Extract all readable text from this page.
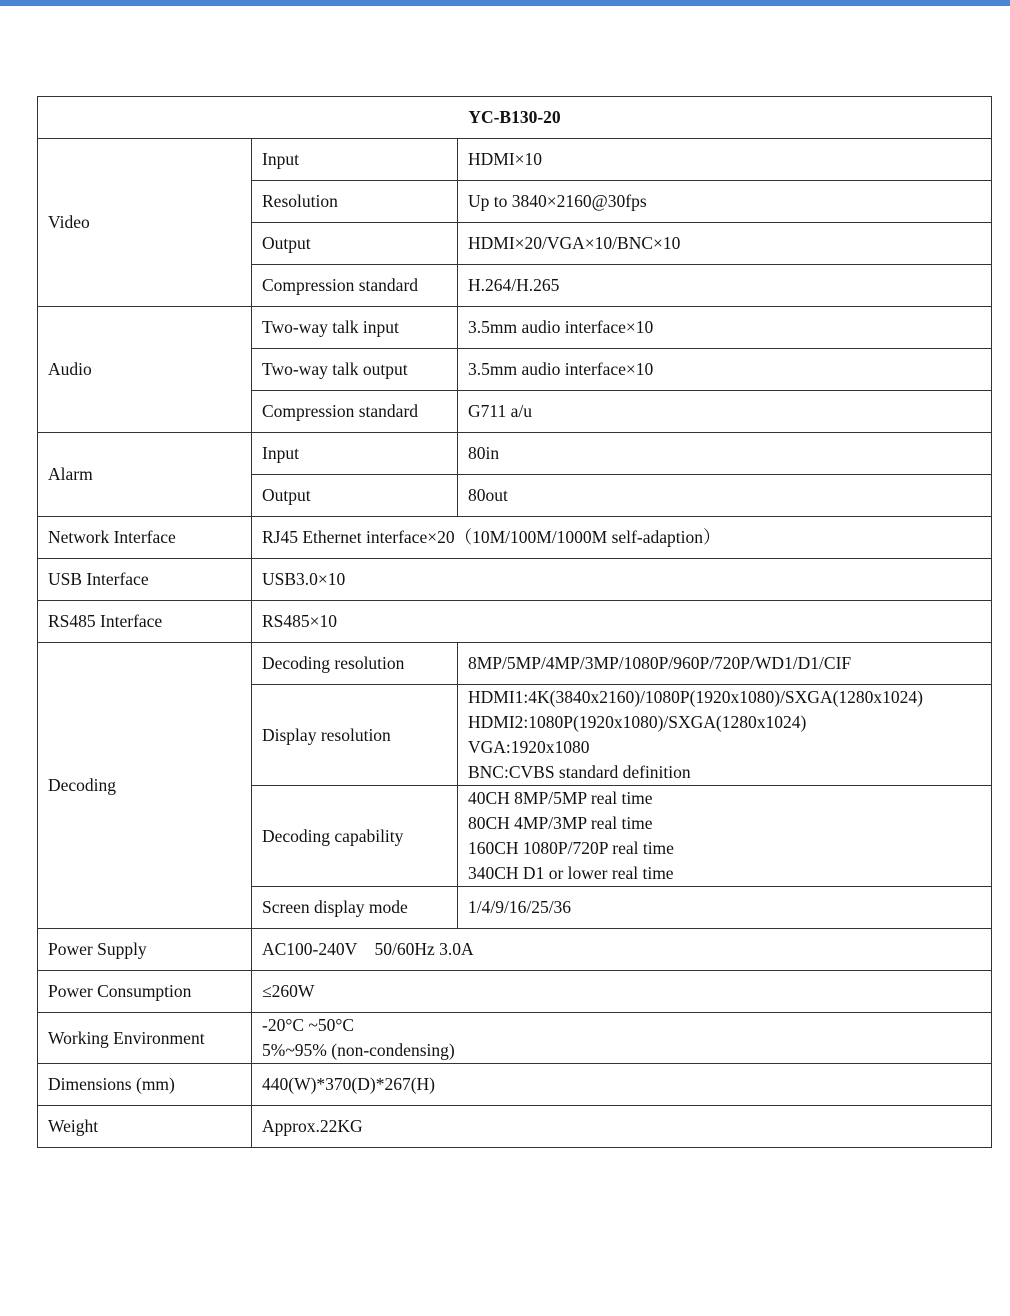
YC-B130-20		
Video	Input	HDMI×10
	Resolution	Up to 3840×2160@30fps
	Output	HDMI×20/VGA×10/BNC×10
	Compression standard	H.264/H.265
Audio	Two-way talk input	3.5mm audio interface×10
	Two-way talk output	3.5mm audio interface×10
	Compression standard	G711 a/u
Alarm	Input	80in
	Output	80out
Network Interface	RJ45 Ethernet interface×20（10M/100M/1000M self-adaption）	
USB Interface	USB3.0×10	
RS485 Interface	RS485×10	
Decoding	Decoding resolution	8MP/5MP/4MP/3MP/1080P/960P/720P/WD1/D1/CIF
	Display resolution	HDMI1:4K(3840x2160)/1080P(1920x1080)/SXGA(1280x1024)
HDMI2:1080P(1920x1080)/SXGA(1280x1024)
VGA:1920x1080
BNC:CVBS standard definition

	Decoding capability	40CH 8MP/5MP real time
80CH 4MP/3MP real time
160CH 1080P/720P real time
340CH D1 or lower real time

	Screen display mode	1/4/9/16/25/36
Power Supply	AC100-240V　50/60Hz 3.0A	
Power Consumption	≤260W	
Working Environment	-20°C ~50°C
5%~95% (non-condensing)	

Dimensions (mm)	440(W)*370(D)*267(H)	
Weight	Approx.22KG	
